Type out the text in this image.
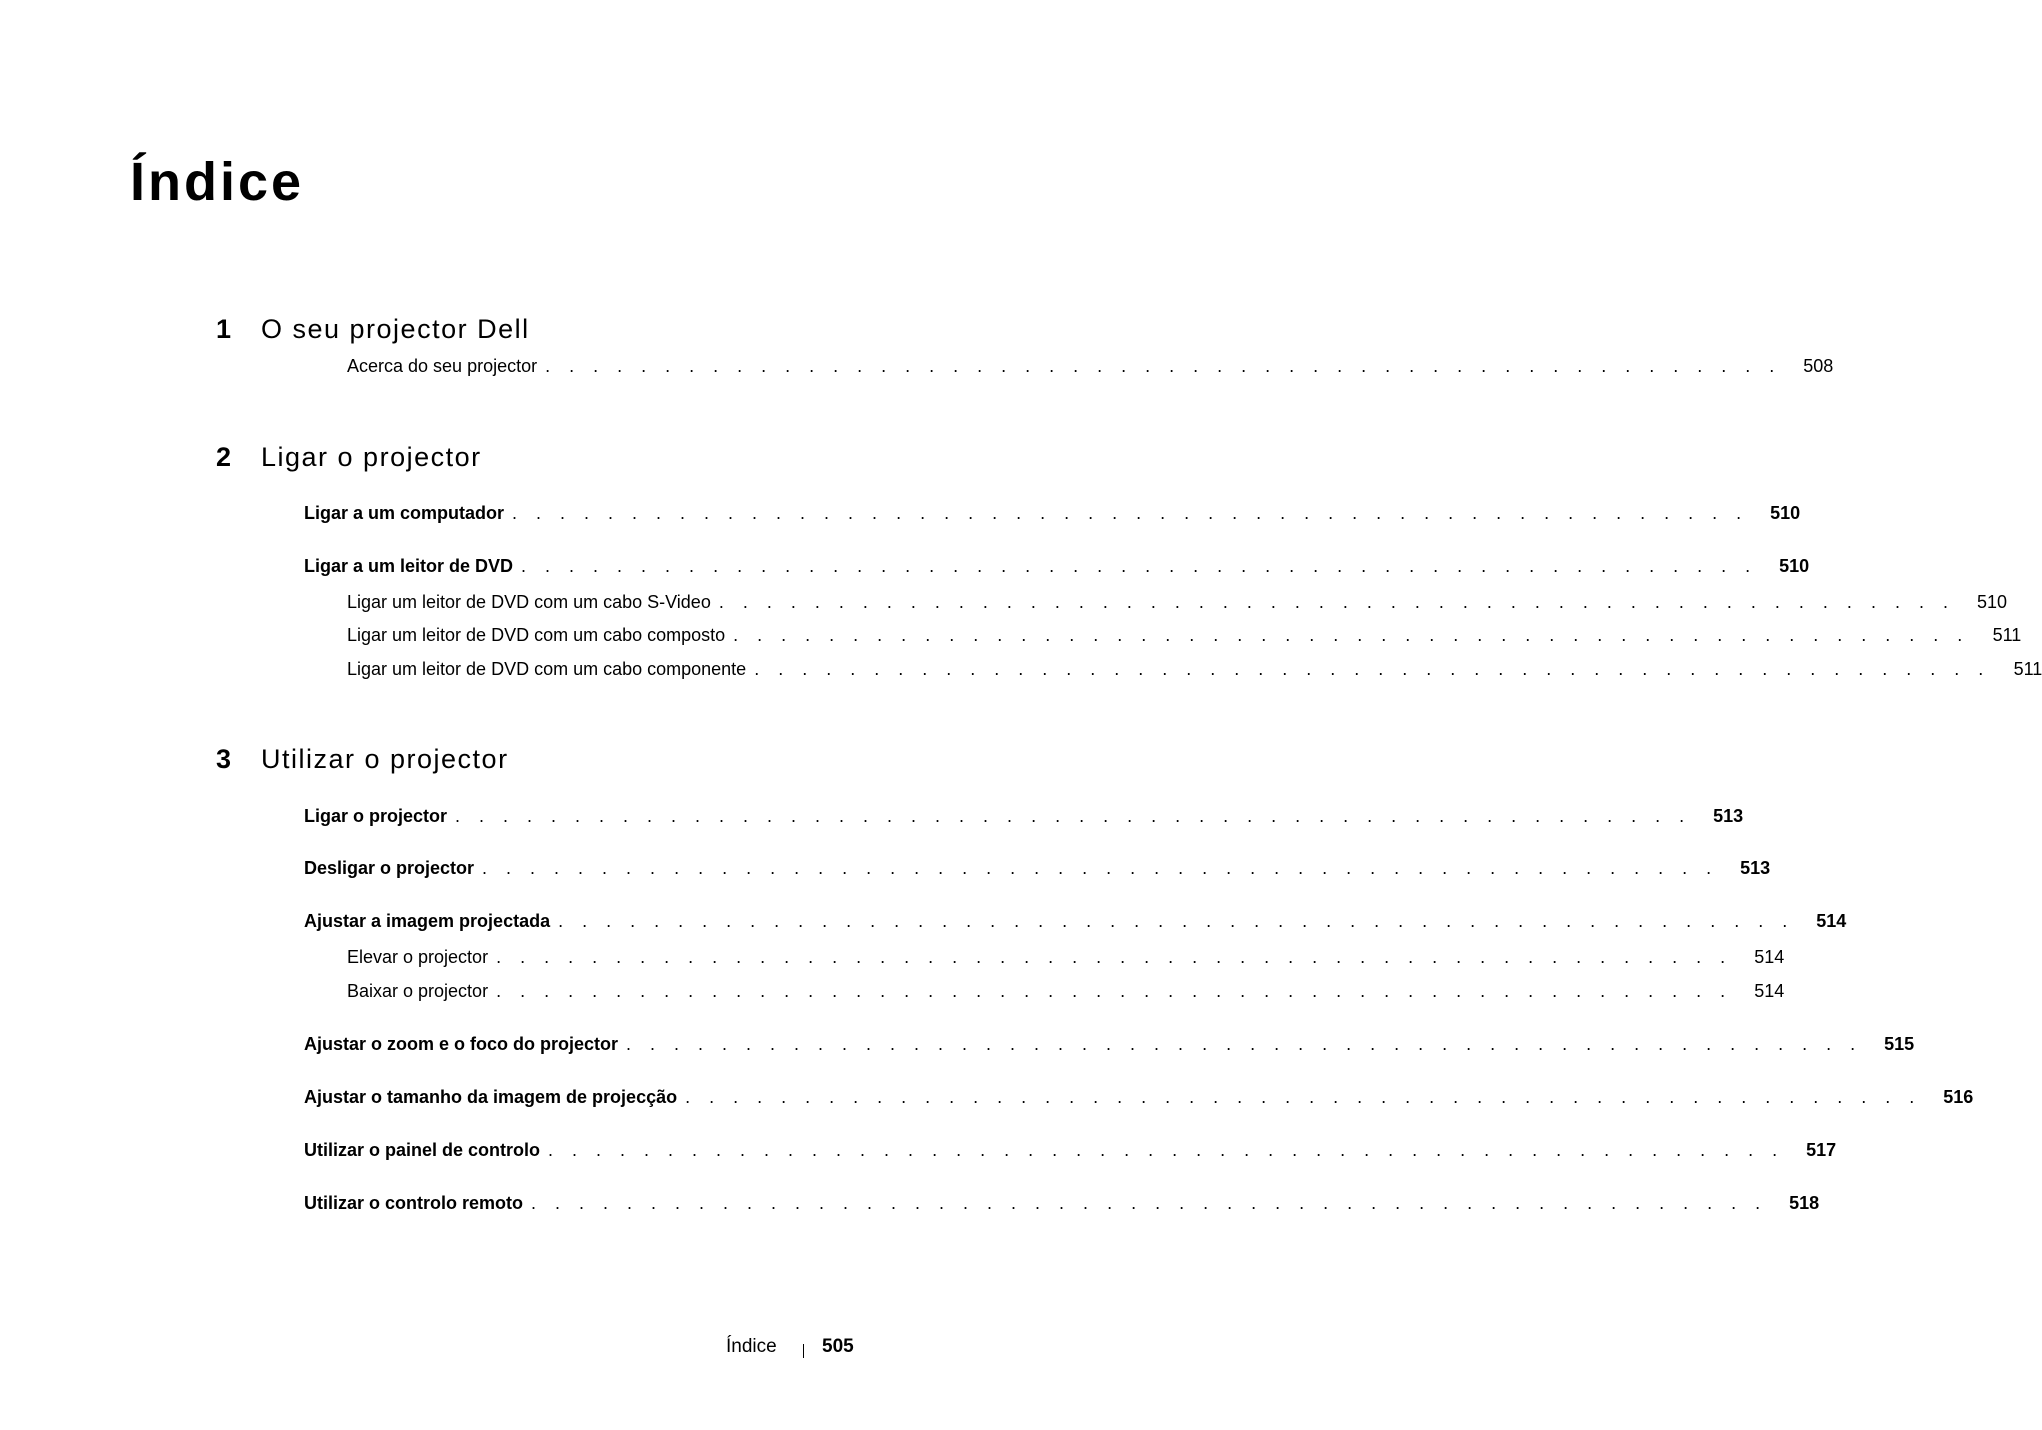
Índice
1 O seu projector Dell
Acerca do seu projector . . . . . . . . . . . . . . . . . . . . . . . . . . . . . . . . . . . . . . . . . . . . . . . . . . . .	508
2 Ligar o projector
Ligar a um computador . . . . . . . . . . . . . . . . . . . . . . . . . . . . . . . . . . . . . . . . . . . . . . . . . . . .	510
Ligar a um leitor de DVD . . . . . . . . . . . . . . . . . . . . . . . . . . . . . . . . . . . . . . . . . . . . . . . . . . . .	510
Ligar um leitor de DVD com um cabo S-Video . . . . . . . . . . . . . . . . . . . . . . . . . . . . . . . . . . . . . . . . . . . . . . . . . . . .	510
Ligar um leitor de DVD com um cabo composto . . . . . . . . . . . . . . . . . . . . . . . . . . . . . . . . . . . . . . . . . . . . . . . . . . . .	511
Ligar um leitor de DVD com um cabo componente . . . . . . . . . . . . . . . . . . . . . . . . . . . . . . . . . . . . . . . . . . . . . . . . . . . .	511
3 Utilizar o projector
Ligar o projector . . . . . . . . . . . . . . . . . . . . . . . . . . . . . . . . . . . . . . . . . . . . . . . . . . . .	513
Desligar o projector . . . . . . . . . . . . . . . . . . . . . . . . . . . . . . . . . . . . . . . . . . . . . . . . . . . .	513
Ajustar a imagem projectada . . . . . . . . . . . . . . . . . . . . . . . . . . . . . . . . . . . . . . . . . . . . . . . . . . . .	514
Elevar o projector . . . . . . . . . . . . . . . . . . . . . . . . . . . . . . . . . . . . . . . . . . . . . . . . . . . .	514
Baixar o projector . . . . . . . . . . . . . . . . . . . . . . . . . . . . . . . . . . . . . . . . . . . . . . . . . . . .	514
Ajustar o zoom e o foco do projector . . . . . . . . . . . . . . . . . . . . . . . . . . . . . . . . . . . . . . . . . . . . . . . . . . . .	515
Ajustar o tamanho da imagem de projecção . . . . . . . . . . . . . . . . . . . . . . . . . . . . . . . . . . . . . . . . . . . . . . . . . . . .	516
Utilizar o painel de controlo . . . . . . . . . . . . . . . . . . . . . . . . . . . . . . . . . . . . . . . . . . . . . . . . . . . .	517
Utilizar o controlo remoto . . . . . . . . . . . . . . . . . . . . . . . . . . . . . . . . . . . . . . . . . . . . . . . . . . . .	518
Índice 505
